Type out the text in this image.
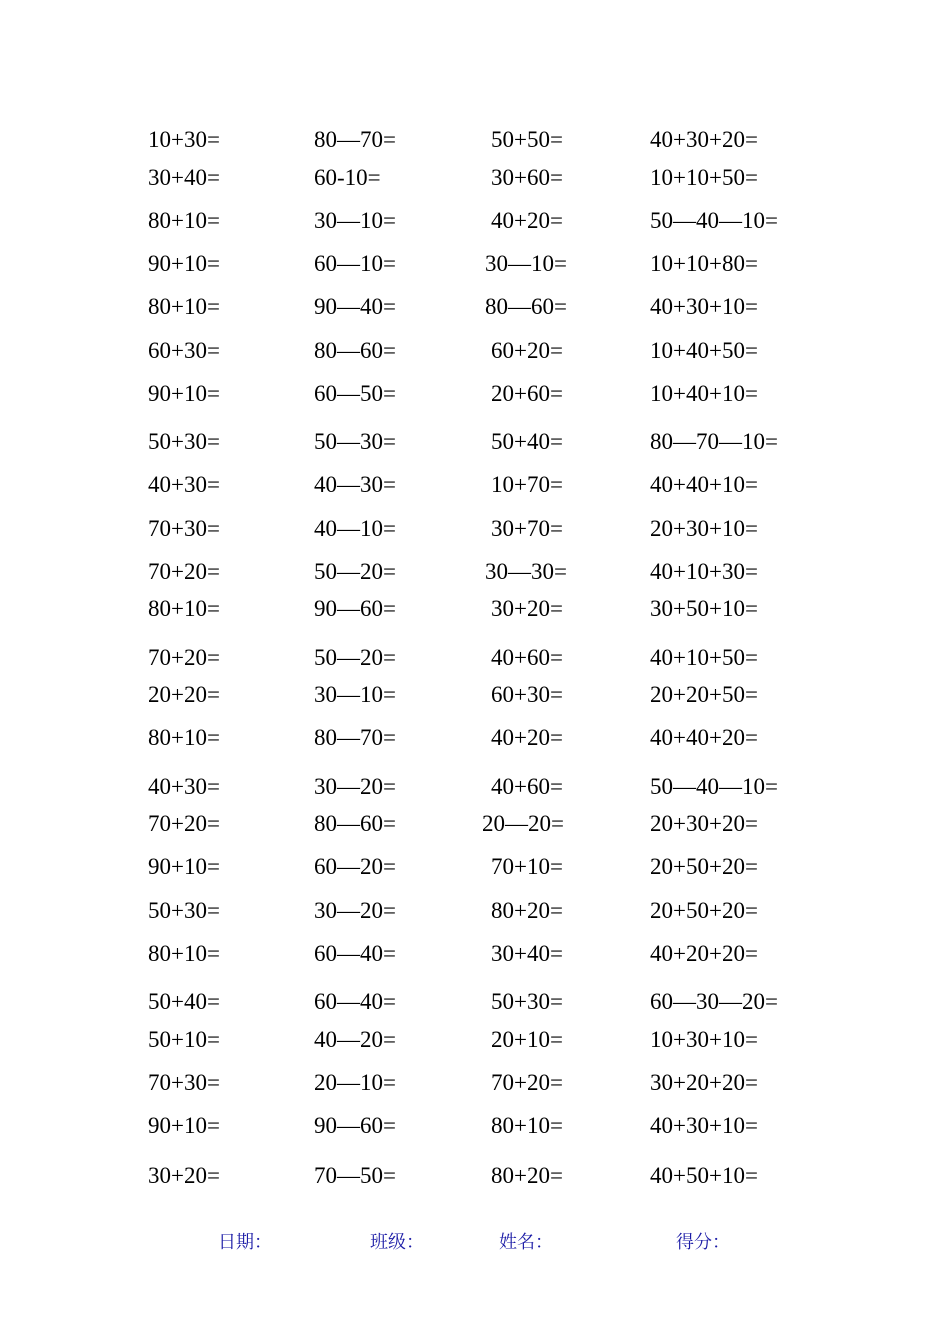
10+30=	80—70=	50+50=	40+30+20=
30+40=	60-10=	30+60=	10+10+50=
80+10=	30—10=	40+20=	50—40—10=
90+10=	60—10=	30—10=	10+10+80=
80+10=	90—40=	80—60=	40+30+10=
60+30=	80—60=	60+20=	10+40+50=
90+10=	60—50=	20+60=	10+40+10=
50+30=	50—30=	50+40=	80—70—10=
40+30=	40—30=	10+70=	40+40+10=
70+30=	40—10=	30+70=	20+30+10=
70+20=	50—20=	30—30=	40+10+30=
80+10=	90—60=	30+20=	30+50+10=
70+20=	50—20=	40+60=	40+10+50=
20+20=	30—10=	60+30=	20+20+50=
80+10=	80—70=	40+20=	40+40+20=
40+30=	30—20=	40+60=	50—40—10=
70+20=	80—60=	20—20=	20+30+20=
90+10=	60—20=	70+10=	20+50+20=
50+30=	30—20=	80+20=	20+50+20=
80+10=	60—40=	30+40=	40+20+20=
50+40=	60—40=	50+30=	60—30—20=
50+10=	40—20=	20+10=	10+30+10=
70+30=	20—10=	70+20=	30+20+20=
90+10=	90—60=	80+10=	40+30+10=
30+20=	70—50=	80+20=	40+50+10=
日期：	班级：	姓名：	得分：
